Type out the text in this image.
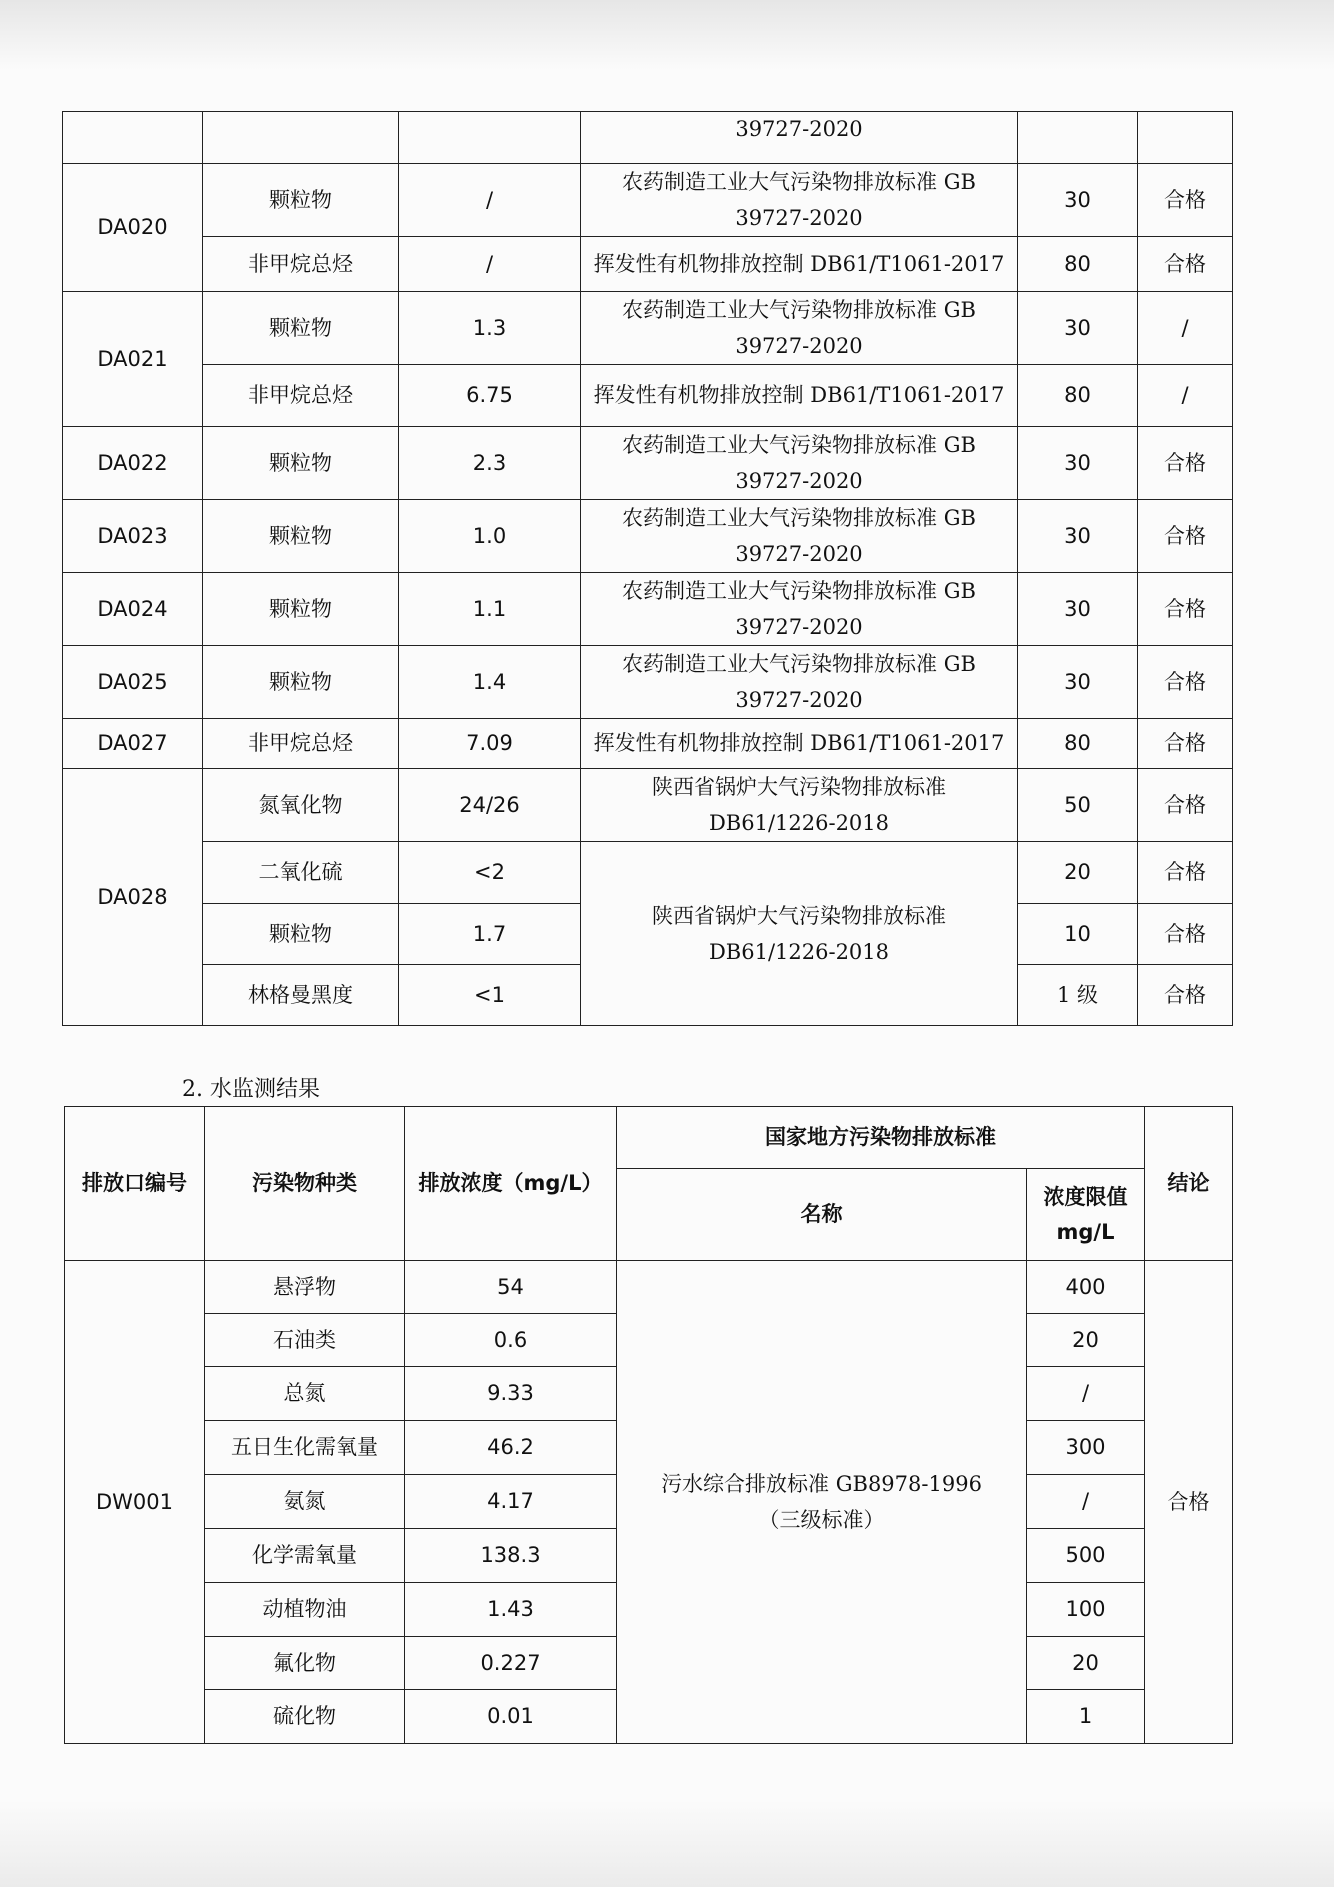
			39727-2020		
DA020	颗粒物	/	农药制造工业大气污染物排放标准 GB
39727-2020	30	合格
	非甲烷总烃	/	挥发性有机物排放控制 DB61/T1061-2017	80	合格
DA021	颗粒物	1.3	农药制造工业大气污染物排放标准 GB
39727-2020	30	/
	非甲烷总烃	6.75	挥发性有机物排放控制 DB61/T1061-2017	80	/
DA022	颗粒物	2.3	农药制造工业大气污染物排放标准 GB
39727-2020	30	合格
DA023	颗粒物	1.0	农药制造工业大气污染物排放标准 GB
39727-2020	30	合格
DA024	颗粒物	1.1	农药制造工业大气污染物排放标准 GB
39727-2020	30	合格
DA025	颗粒物	1.4	农药制造工业大气污染物排放标准 GB
39727-2020	30	合格
DA027	非甲烷总烃	7.09	挥发性有机物排放控制 DB61/T1061-2017	80	合格
DA028	氮氧化物	24/26	陕西省锅炉大气污染物排放标准
DB61/1226-2018	50	合格
	二氧化硫	<2	陕西省锅炉大气污染物排放标准
DB61/1226-2018	20	合格
	颗粒物	1.7		10	合格
	林格曼黑度	<1		1 级	合格
2. 水监测结果
排放口编号	污染物种类	排放浓度（mg/L）	国家地方污染物排放标准		结论
			名称	浓度限值
mg/L	
DW001	悬浮物	54	污水综合排放标准 GB8978-1996
（三级标准）	400	合格
	石油类	0.6		20	
	总氮	9.33		/	
	五日生化需氧量	46.2		300	
	氨氮	4.17		/	
	化学需氧量	138.3		500	
	动植物油	1.43		100	
	氟化物	0.227		20	
	硫化物	0.01		1	
